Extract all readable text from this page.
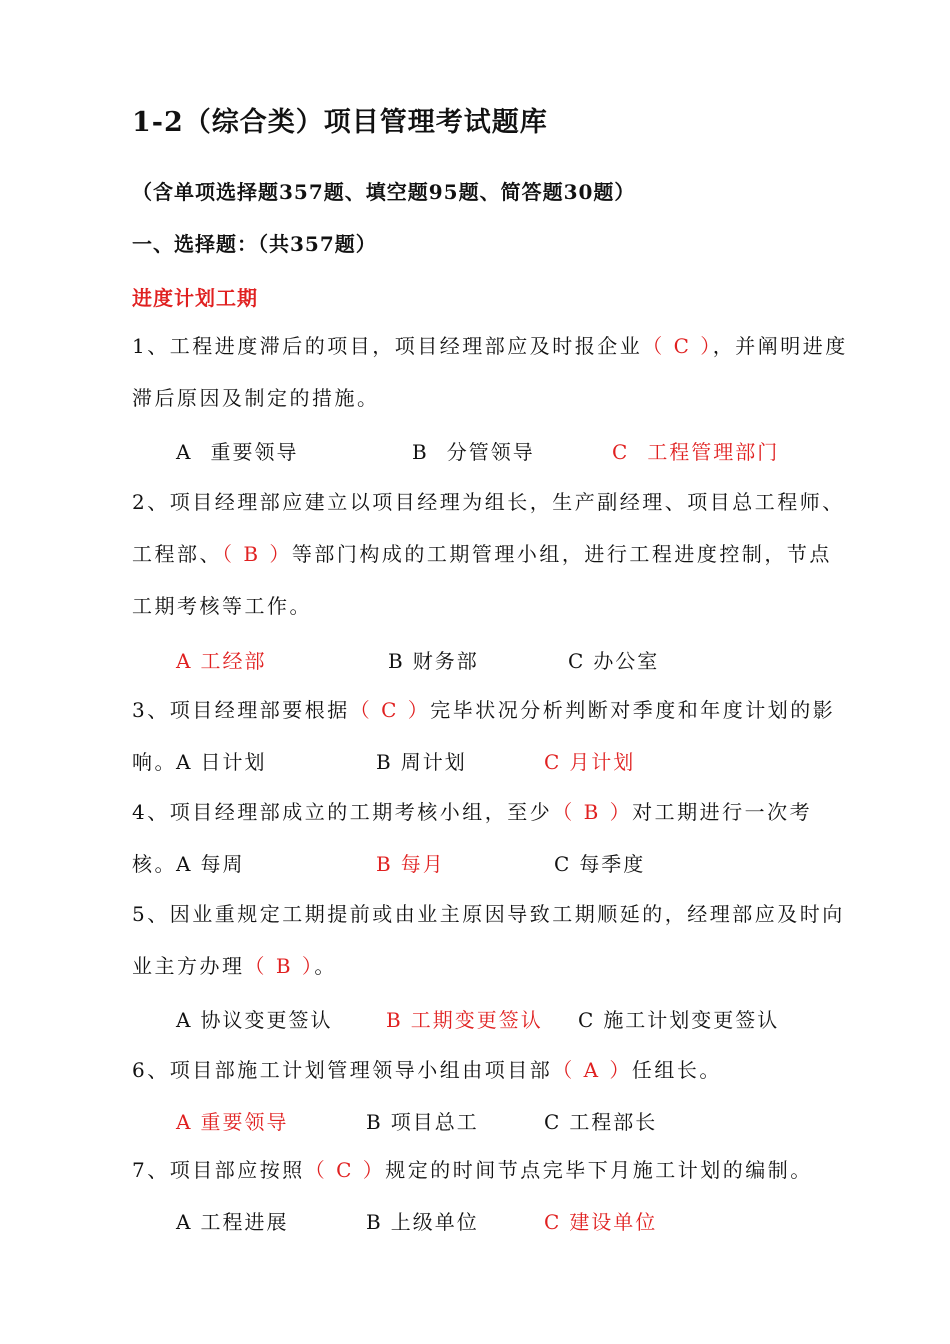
1-2（综合类）项目管理考试题库
（含单项选择题357题、填空题95题、简答题30题）
一、选择题：（共357题）
进度计划工期
1、工程进度滞后的项目，项目经理部应及时报企业（ C ），并阐明进度滞后原因及制定的措施。
A 重要领导	B 分管领导	C 工程管理部门
2、项目经理部应建立以项目经理为组长，生产副经理、项目总工程师、工程部、（ B ）等部门构成的工期管理小组，进行工程进度控制，节点工期考核等工作。
A 工经部	B 财务部	C 办公室
3、项目经理部要根据（ C ）完毕状况分析判断对季度和年度计划的影响。 A 日计划	B 周计划	C 月计划
4、项目经理部成立的工期考核小组，至少（ B ）对工期进行一次考核。 A 每周	B 每月	C 每季度
5、因业重规定工期提前或由业主原因导致工期顺延的，经理部应及时向业主方办理（ B ）。
A 协议变更签认	B 工期变更签认 C 施工计划变更签认
6、项目部施工计划管理领导小组由项目部（ A ）任组长。
A 重要领导	B 项目总工	C 工程部长
7、项目部应按照（ C ）规定的时间节点完毕下月施工计划的编制。
A 工程进展	B 上级单位	C 建设单位
